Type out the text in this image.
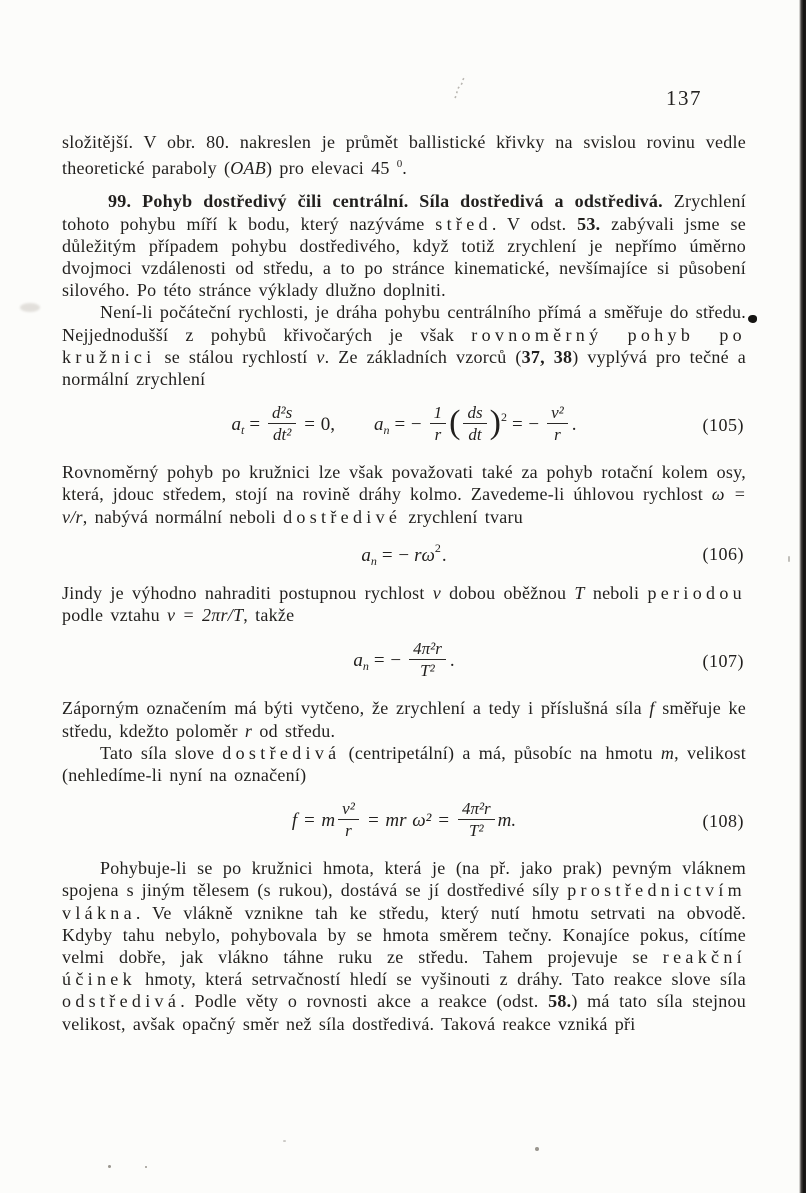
137

složitější. V obr. 80. nakreslen je průmět ballistické křivky na svislou rovinu vedle theoretické paraboly (OAB) pro elevaci 45 $^0$.

99. Pohyb dostředivý čili centrální. Síla dostředivá a odstředivá. Zrychlení tohoto pohybu míří k bodu, který nazýváme střed. V odst. 53. zabývali jsme se důležitým případem pohybu dostředivého, když totiž zrychlení je nepřímo úměrno dvojmoci vzdálenosti od středu, a to po stránce kinematické, nevšímajíce si působení silového. Po této stránce výklady dlužno doplniti.

Není-li počáteční rychlosti, je dráha pohybu centrálního přímá a směřuje do středu. Nejjednodušší z pohybů křivočarých je však rovnoměrný pohyb po kružnici se stálou rychlostí v. Ze základních vzorců (37, 38) vyplývá pro tečné a normální zrychlení

$a_t = \frac{\text{d²s}}{\text{dt²}} = 0$, $a_n$ = − $\frac{1}{r}$ ( $\frac{ds}{dt} )^2$ = − $\frac{\text{v²}}{r}$ .	(105)

Rovnoměrný pohyb po kružnici lze však považovati také za pohyb rotační kolem osy, která, jdouc středem, stojí na rovině dráhy kolmo. Zavedeme-li úhlovou rychlost ω = v/r, nabývá normální neboli dostředivé zrychlení tvaru

$a_n$ = − $r\omega^2$.	(106)

Jindy je výhodno nahraditi postupnou rychlost v dobou oběžnou T neboli periodou podle vztahu v = 2πr/T, takže

$a_n$ = − $\frac{\text{4π²r}}{\text{T²}}$ .	(107)

Záporným označením má býti vytčeno, že zrychlení a tedy i příslušná síla f směřuje ke středu, kdežto poloměr r od středu.

Tato síla slove dostředivá (centripetální) a má, působíc na hmotu m, velikost (nehledíme-li nyní na označení)

f = m $\frac{\text{v²}}{r}$ = mr $\omega^2 = \frac{\text{4π²r}}{\text{T²}} m$.	(108)

Pohybuje-li se po kružnici hmota, která je (na př. jako prak) pevným vláknem spojena s jiným tělesem (s rukou), dostává se jí dostředivé síly prostřednictvím vlákna. Ve vlákně vznikne tah ke středu, který nutí hmotu setrvati na obvodě. Kdyby tahu nebylo, pohybovala by se hmota směrem tečny. Konajíce pokus, cítíme velmi dobře, jak vlákno táhne ruku ze středu. Tahem projevuje se reakční účinek hmoty, která setrvačností hledí se vyšinouti z dráhy. Tato reakce slove síla odstředivá. Podle věty o rovnosti akce a reakce (odst. 58.) má tato síla stejnou velikost, avšak opačný směr než síla dostředivá. Taková reakce vzniká při
